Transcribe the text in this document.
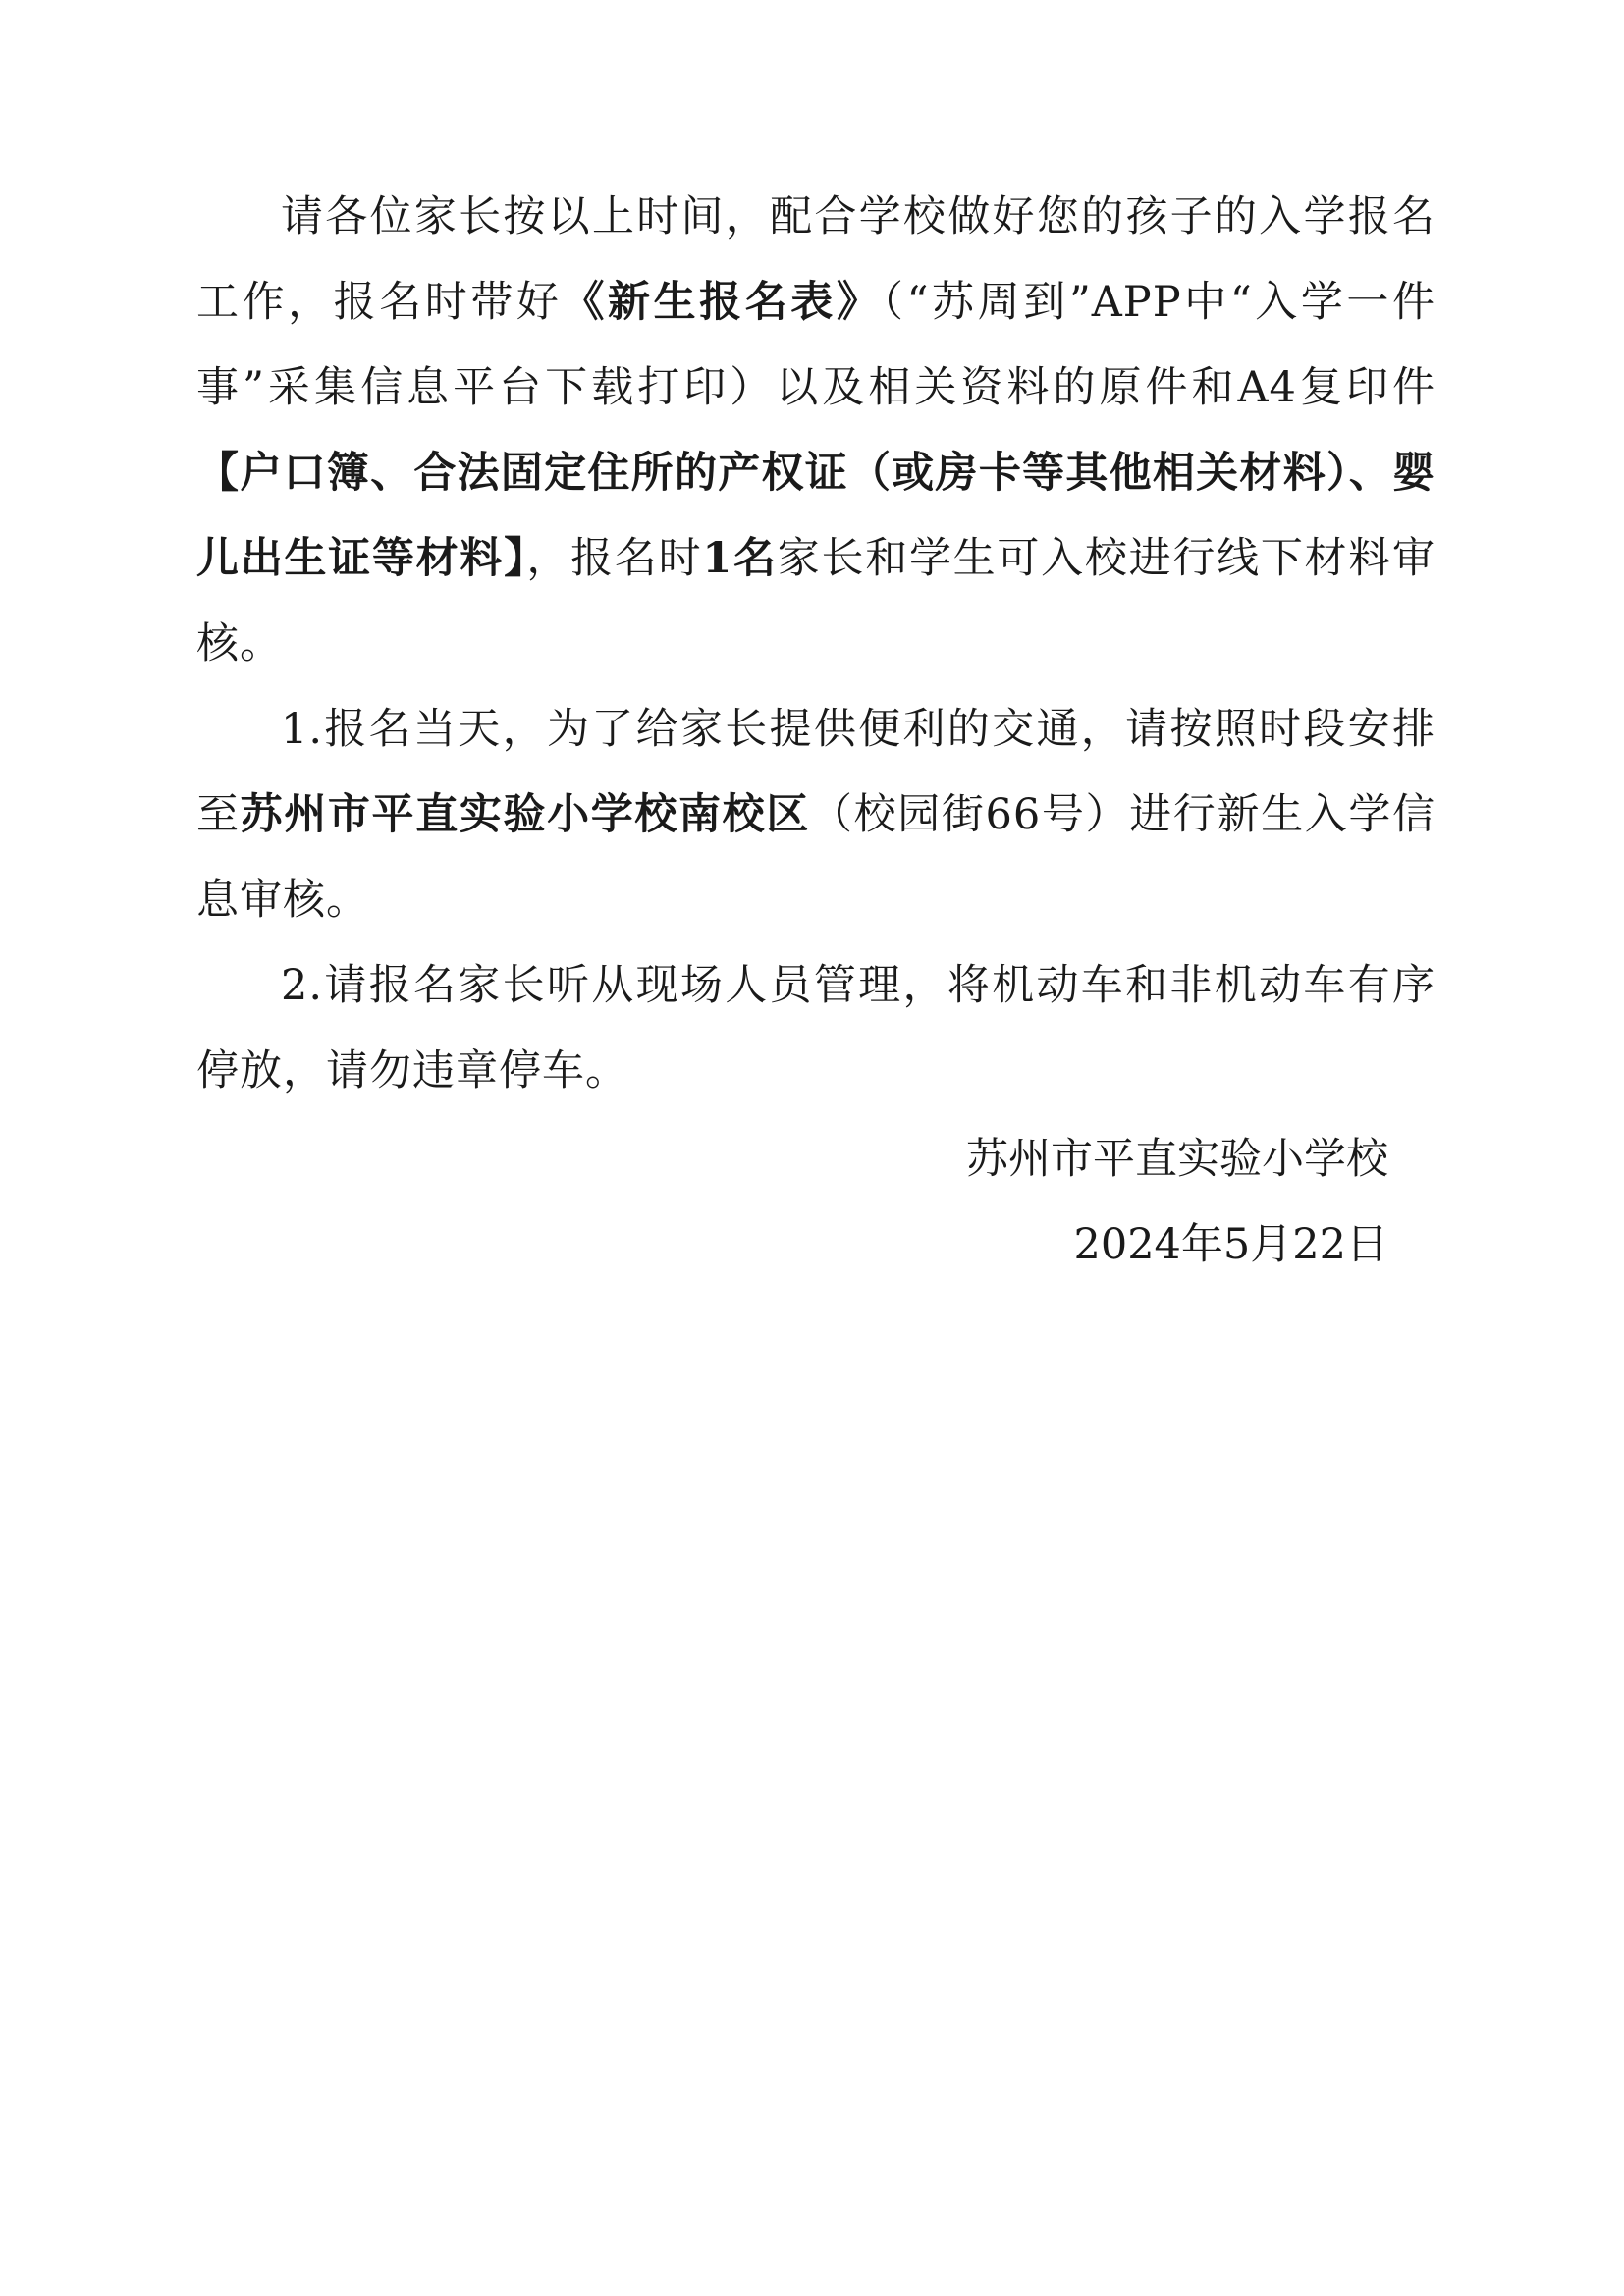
请各位家长按以上时间，配合学校做好您的孩子的入学报名工作，报名时带好《新生报名表》（“苏周到”APP中“入学一件事”采集信息平台下载打印）以及相关资料的原件和A4复印件【户口簿、合法固定住所的产权证（或房卡等其他相关材料）、婴儿出生证等材料】，报名时1名家长和学生可入校进行线下材料审核。

1.报名当天，为了给家长提供便利的交通，请按照时段安排至苏州市平直实验小学校南校区（校园街66号）进行新生入学信息审核。

2.请报名家长听从现场人员管理，将机动车和非机动车有序停放，请勿违章停车。

苏州市平直实验小学校
2024年5月22日
